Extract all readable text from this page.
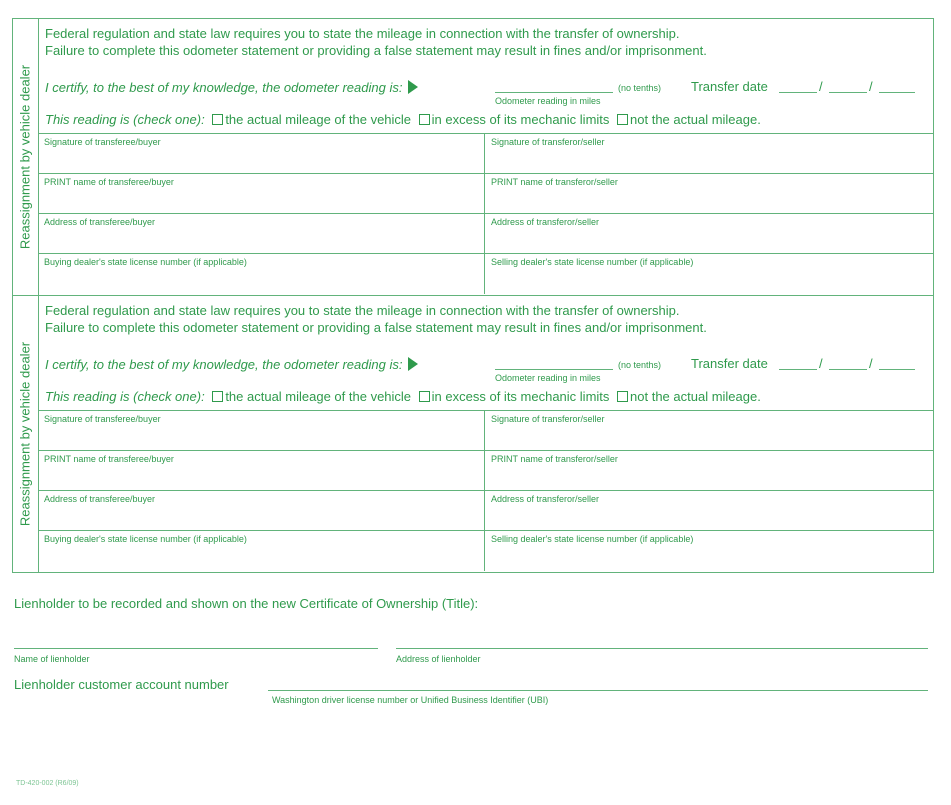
Reassignment by vehicle dealer
Federal regulation and state law requires you to state the mileage in connection with the transfer of ownership.
Failure to complete this odometer statement or providing a false statement may result in fines and/or imprisonment.
I certify, to the best of my knowledge, the odometer reading is:	(no tenths) Transfer date	/	/
Odometer reading in miles
This reading is (check one): the actual mileage of the vehicle in excess of its mechanic limits not the actual mileage.
Signature of transferee/buyer	Signature of transferor/seller
PRINT name of transferee/buyer	PRINT name of transferor/seller
Address of transferee/buyer	Address of transferor/seller
Buying dealer's state license number (if applicable)	Selling dealer's state license number (if applicable)
Reassignment by vehicle dealer
Federal regulation and state law requires you to state the mileage in connection with the transfer of ownership.
Failure to complete this odometer statement or providing a false statement may result in fines and/or imprisonment.
I certify, to the best of my knowledge, the odometer reading is:	(no tenths) Transfer date	/	/
Odometer reading in miles
This reading is (check one): the actual mileage of the vehicle in excess of its mechanic limits not the actual mileage.
Signature of transferee/buyer	Signature of transferor/seller
PRINT name of transferee/buyer	PRINT name of transferor/seller
Address of transferee/buyer	Address of transferor/seller
Buying dealer's state license number (if applicable)	Selling dealer's state license number (if applicable)
Lienholder to be recorded and shown on the new Certificate of Ownership (Title):
Name of lienholder	Address of lienholder
Lienholder customer account number
Washington driver license number or Unified Business Identifier (UBI)
TD-420-002 (R6/09)
